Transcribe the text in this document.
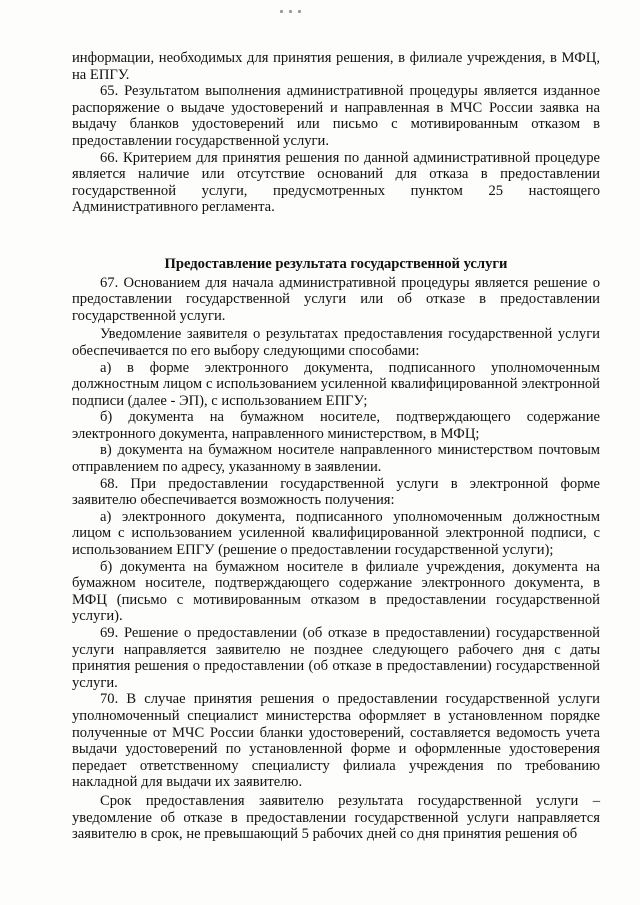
информации, необходимых для принятия решения, в филиале учреждения, в МФЦ, на ЕПГУ.

65. Результатом выполнения административной процедуры является изданное распоряжение о выдаче удостоверений и направленная в МЧС России заявка на выдачу бланков удостоверений или письмо с мотивированным отказом в предоставлении государственной услуги.

66. Критерием для принятия решения по данной административной процедуре является наличие или отсутствие оснований для отказа в предоставлении государственной услуги, предусмотренных пунктом 25 настоящего Административного регламента.

Предоставление результата государственной услуги

67. Основанием для начала административной процедуры является решение о предоставлении государственной услуги или об отказе в предоставлении государственной услуги.

Уведомление заявителя о результатах предоставления государственной услуги обеспечивается по его выбору следующими способами:

а) в форме электронного документа, подписанного уполномоченным должностным лицом с использованием усиленной квалифицированной электронной подписи (далее - ЭП), с использованием ЕПГУ;

б) документа на бумажном носителе, подтверждающего содержание электронного документа, направленного министерством, в МФЦ;

в) документа на бумажном носителе направленного министерством почтовым отправлением по адресу, указанному в заявлении.

68. При предоставлении государственной услуги в электронной форме заявителю обеспечивается возможность получения:

а) электронного документа, подписанного уполномоченным должностным лицом с использованием усиленной квалифицированной электронной подписи, с использованием ЕПГУ (решение о предоставлении государственной услуги);

б) документа на бумажном носителе в филиале учреждения, документа на бумажном носителе, подтверждающего содержание электронного документа, в МФЦ (письмо с мотивированным отказом в предоставлении государственной услуги).

69. Решение о предоставлении (об отказе в предоставлении) государственной услуги направляется заявителю не позднее следующего рабочего дня с даты принятия решения о предоставлении (об отказе в предоставлении) государственной услуги.

70. В случае принятия решения о предоставлении государственной услуги уполномоченный специалист министерства оформляет в установленном порядке полученные от МЧС России бланки удостоверений, составляется ведомость учета выдачи удостоверений по установленной форме и оформленные удостоверения передает ответственному специалисту филиала учреждения по требованию накладной для выдачи их заявителю.

Срок предоставления заявителю результата государственной услуги – уведомление об отказе в предоставлении государственной услуги направляется заявителю в срок, не превышающий 5 рабочих дней со дня принятия решения об
